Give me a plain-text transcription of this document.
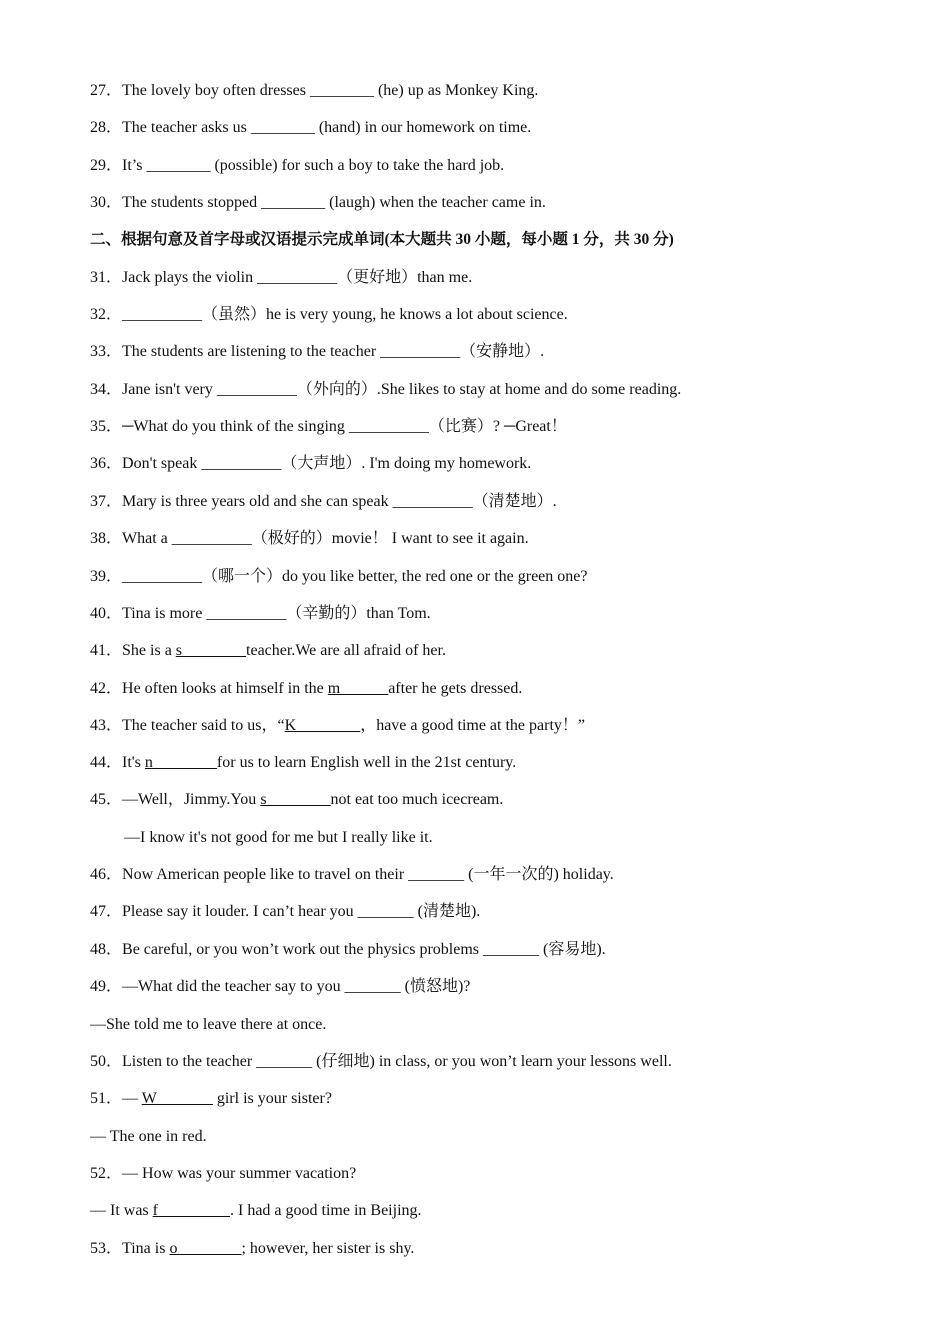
27．The lovely boy often dresses ________ (he) up as Monkey King.
28．The teacher asks us ________ (hand) in our homework on time.
29．It’s ________ (possible) for such a boy to take the hard job.
30．The students stopped ________ (laugh) when the teacher came in.
二、根据句意及首字母或汉语提示完成单词(本大题共 30 小题，每小题 1 分，共 30 分)
31．Jack plays the violin __________（更好地）than me.
32．__________（虽然）he is very young, he knows a lot about science.
33．The students are listening to the teacher __________（安静地）.
34．Jane isn't very __________（外向的）.She likes to stay at home and do some reading.
35．─What do you think of the singing __________（比赛）? ─Great！
36．Don't speak __________（大声地）. I'm doing my homework.
37．Mary is three years old and she can speak __________（清楚地）.
38．What a __________（极好的）movie！ I want to see it again.
39．__________（哪一个）do you like better, the red one or the green one?
40．Tina is more __________（辛勤的）than Tom.
41．She is a s________teacher.We are all afraid of her.
42．He often looks at himself in the m______after he gets dressed.
43．The teacher said to us，“K________，have a good time at the party！”
44．It's n________for us to learn English well in the 21st century.
45．—Well，Jimmy.You s________not eat too much icecream.
—I know it's not good for me but I really like it.
46．Now American people like to travel on their _______ (一年一次的) holiday.
47．Please say it louder. I can’t hear you _______ (清楚地).
48．Be careful, or you won’t work out the physics problems _______ (容易地).
49．—What did the teacher say to you _______ (愤怒地)?
—She told me to leave there at once.
50．Listen to the teacher _______ (仔细地) in class, or you won’t learn your lessons well.
51．— W_______ girl is your sister?
— The one in red.
52．— How was your summer vacation?
— It was f_________. I had a good time in Beijing.
53．Tina is o________; however, her sister is shy.
